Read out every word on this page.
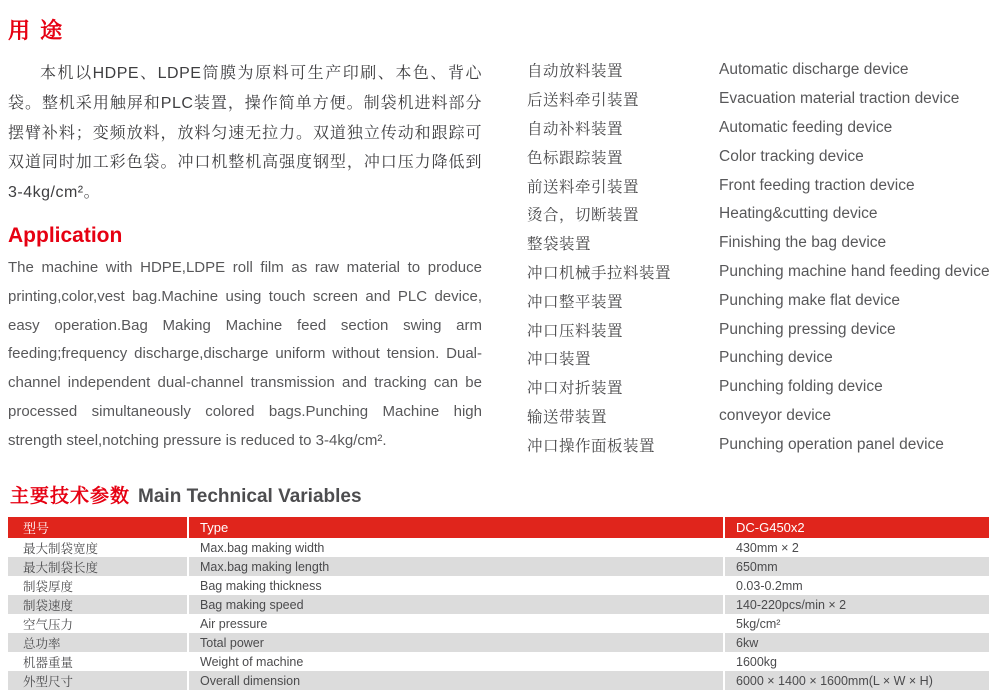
用 途

本机以HDPE、LDPE筒膜为原料可生产印刷、本色、背心袋。整机采用触屏和PLC装置，操作简单方便。制袋机进料部分摆臂补料；变频放料，放料匀速无拉力。双道独立传动和跟踪可双道同时加工彩色袋。冲口机整机高强度钢型，冲口压力降低到3-4kg/cm²。

Application

The machine with HDPE,LDPE roll film as raw material to produce printing,color,vest bag.Machine using touch screen and PLC device, easy operation.Bag Making Machine feed section swing arm feeding;frequency discharge,discharge uniform without tension. Dual-channel independent dual-channel transmission and tracking can be processed simultaneously colored bags.Punching Machine high strength steel,notching pressure is reduced to 3-4kg/cm².

自动放料装置	Automatic discharge device
后送料牵引装置	Evacuation material traction device
自动补料装置	Automatic feeding device
色标跟踪装置	Color tracking device
前送料牵引装置	Front feeding traction device
烫合，切断装置	Heating&cutting device
整袋装置	Finishing the bag device
冲口机械手拉料装置	Punching machine hand feeding device
冲口整平装置	Punching make flat device
冲口压料装置	Punching pressing device
冲口装置	Punching device
冲口对折装置	Punching folding device
输送带装置	conveyor device
冲口操作面板装置	Punching operation panel device
主要技术参数 Main Technical Variables
型号	Type	DC-G450x2
最大制袋宽度	Max.bag making width	430mm × 2
最大制袋长度	Max.bag making length	650mm
制袋厚度	Bag making thickness	0.03-0.2mm
制袋速度	Bag making speed	140-220pcs/min × 2
空气压力	Air pressure	5kg/cm²
总功率	Total power	6kw
机器重量	Weight of machine	1600kg
外型尺寸	Overall dimension	6000 × 1400 × 1600mm(L × W × H)
